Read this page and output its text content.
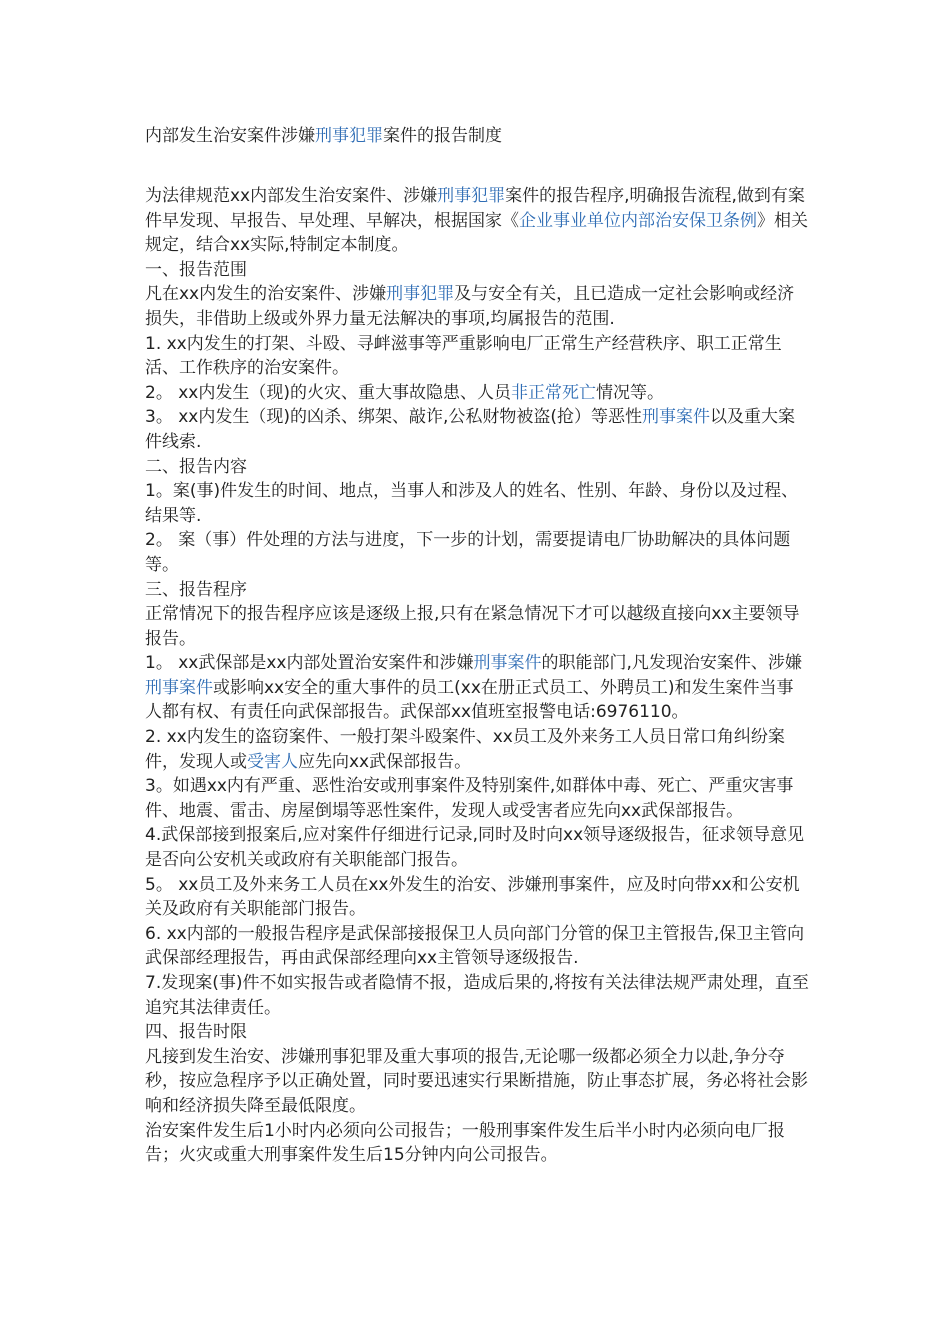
内部发生治安案件涉嫌刑事犯罪案件的报告制度

为法律规范xx内部发生治安案件、涉嫌刑事犯罪案件的报告程序,明确报告流程,做到有案件早发现、早报告、早处理、早解决，根据国家《企业事业单位内部治安保卫条例》相关规定，结合xx实际,特制定本制度。

一、报告范围

凡在xx内发生的治安案件、涉嫌刑事犯罪及与安全有关，且已造成一定社会影响或经济损失，非借助上级或外界力量无法解决的事项,均属报告的范围.

1. xx内发生的打架、斗殴、寻衅滋事等严重影响电厂正常生产经营秩序、职工正常生活、工作秩序的治安案件。

2。 xx内发生（现)的火灾、重大事故隐患、人员非正常死亡情况等。

3。 xx内发生（现)的凶杀、绑架、敲诈,公私财物被盗(抢）等恶性刑事案件以及重大案件线索.

二、报告内容

1。案(事)件发生的时间、地点，当事人和涉及人的姓名、性别、年龄、身份以及过程、结果等.

2。 案（事）件处理的方法与进度，下一步的计划，需要提请电厂协助解决的具体问题等。

三、报告程序

正常情况下的报告程序应该是逐级上报,只有在紧急情况下才可以越级直接向xx主要领导报告。

1。 xx武保部是xx内部处置治安案件和涉嫌刑事案件的职能部门,凡发现治安案件、涉嫌刑事案件或影响xx安全的重大事件的员工(xx在册正式员工、外聘员工)和发生案件当事人都有权、有责任向武保部报告。武保部xx值班室报警电话:6976110。

2. xx内发生的盗窃案件、一般打架斗殴案件、xx员工及外来务工人员日常口角纠纷案件，发现人或受害人应先向xx武保部报告。

3。如遇xx内有严重、恶性治安或刑事案件及特别案件,如群体中毒、死亡、严重灾害事件、地震、雷击、房屋倒塌等恶性案件，发现人或受害者应先向xx武保部报告。

4.武保部接到报案后,应对案件仔细进行记录,同时及时向xx领导逐级报告，征求领导意见是否向公安机关或政府有关职能部门报告。

5。 xx员工及外来务工人员在xx外发生的治安、涉嫌刑事案件，应及时向带xx和公安机关及政府有关职能部门报告。

6. xx内部的一般报告程序是武保部接报保卫人员向部门分管的保卫主管报告,保卫主管向武保部经理报告，再由武保部经理向xx主管领导逐级报告.

7.发现案(事)件不如实报告或者隐情不报，造成后果的,将按有关法律法规严肃处理，直至追究其法律责任。

四、报告时限

凡接到发生治安、涉嫌刑事犯罪及重大事项的报告,无论哪一级都必须全力以赴,争分夺秒，按应急程序予以正确处置，同时要迅速实行果断措施，防止事态扩展，务必将社会影响和经济损失降至最低限度。

治安案件发生后1小时内必须向公司报告；一般刑事案件发生后半小时内必须向电厂报告；火灾或重大刑事案件发生后15分钟内向公司报告。
